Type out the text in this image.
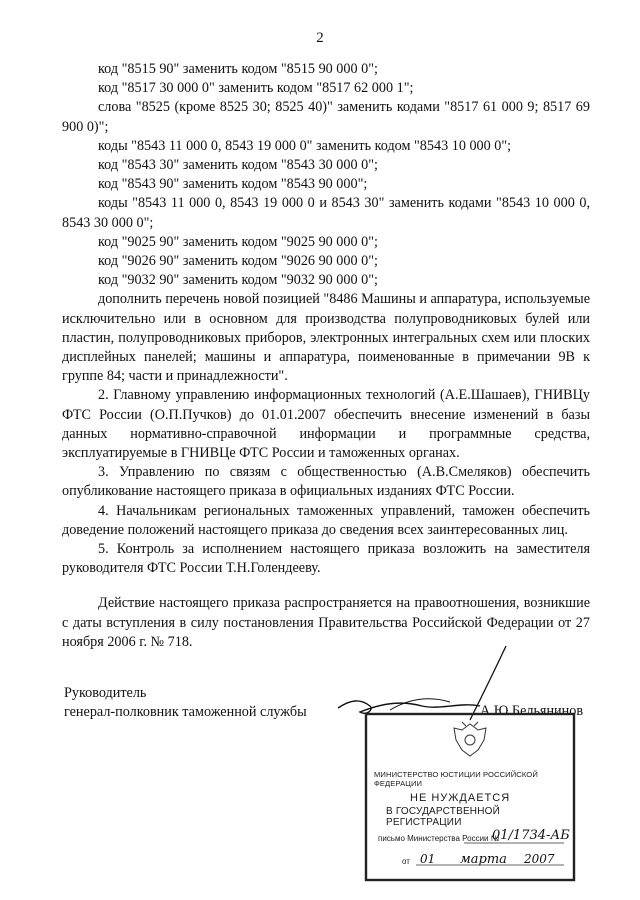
2

код "8515 90" заменить кодом "8515 90 000 0";

код "8517 30 000 0" заменить кодом "8517 62 000 1";

слова "8525 (кроме 8525 30; 8525 40)" заменить кодами "8517 61 000 9; 8517 69 900 0)";

коды "8543 11 000 0, 8543 19 000 0" заменить кодом "8543 10 000 0";

код "8543 30" заменить кодом "8543 30 000 0";

код "8543 90" заменить кодом "8543 90 000";

коды "8543 11 000 0, 8543 19 000 0 и 8543 30" заменить кодами "8543 10 000 0, 8543 30 000 0";

код "9025 90" заменить кодом "9025 90 000 0";

код "9026 90" заменить кодом "9026 90 000 0";

код "9032 90" заменить кодом "9032 90 000 0";

дополнить перечень новой позицией "8486 Машины и аппаратура, используемые исключительно или в основном для производства полупроводниковых булей или пластин, полупроводниковых приборов, электронных интегральных схем или плоских дисплейных панелей; машины и аппаратура, поименованные в примечании 9В к группе 84; части и принадлежности".

2. Главному управлению информационных технологий (А.Е.Шашаев), ГНИВЦу ФТС России (О.П.Пучков) до 01.01.2007 обеспечить внесение изменений в базы данных нормативно-справочной информации и программные средства, эксплуатируемые в ГНИВЦе ФТС России и таможенных органах.

3. Управлению по связям с общественностью (А.В.Смеляков) обеспечить опубликование настоящего приказа в официальных изданиях ФТС России.

4. Начальникам региональных таможенных управлений, таможен обеспечить доведение положений настоящего приказа до сведения всех заинтересованных лиц.

5. Контроль за исполнением настоящего приказа возложить на заместителя руководителя ФТС России Т.Н.Голендееву.

Действие настоящего приказа распространяется на правоотношения, возникшие с даты вступления в силу постановления Правительства Российской Федерации от 27 ноября 2006 г. № 718.

Руководитель
генерал-полковник таможенной службы	А.Ю.Бельянинов
МИНИСТЕРСТВО ЮСТИЦИИ РОССИЙСКОЙ ФЕДЕРАЦИИ
НЕ НУЖДАЕТСЯ
В ГОСУДАРСТВЕННОЙ РЕГИСТРАЦИИ
письмо Министерства России №
01/1734-АБ
от 01 марта 2007
